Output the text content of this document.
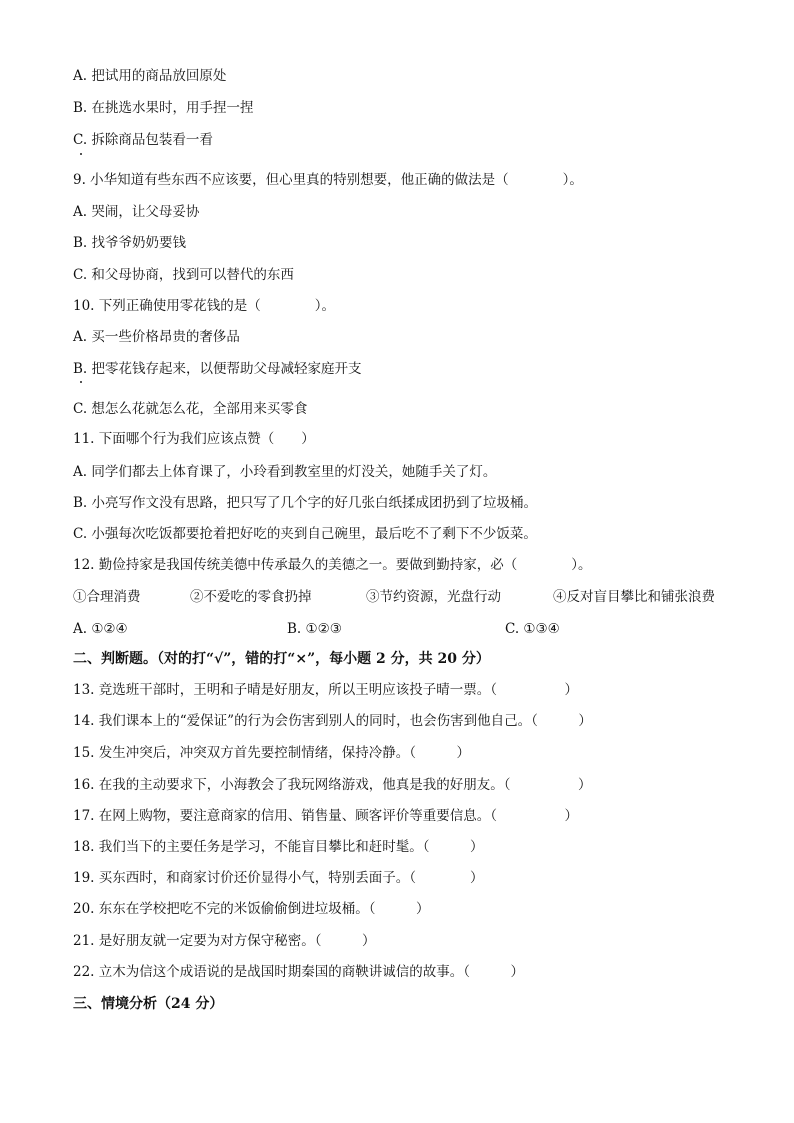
A. 把试用的商品放回原处
B. 在挑选水果时，用手捏一捏
C. 拆除商品包装看一看
9. 小华知道有些东西不应该要，但心里真的特别想要，他正确的做法是（　　　　）。
A. 哭闹，让父母妥协
B. 找爷爷奶奶要钱
C. 和父母协商，找到可以替代的东西
10. 下列正确使用零花钱的是（　　　　）。
A. 买一些价格昂贵的奢侈品
B. 把零花钱存起来，以便帮助父母减轻家庭开支
C. 想怎么花就怎么花，全部用来买零食
11. 下面哪个行为我们应该点赞（　　）
A. 同学们都去上体育课了，小玲看到教室里的灯没关，她随手关了灯。
B. 小亮写作文没有思路，把只写了几个字的好几张白纸揉成团扔到了垃圾桶。
C. 小强每次吃饭都要抢着把好吃的夹到自己碗里，最后吃不了剩下不少饭菜。
12. 勤俭持家是我国传统美德中传承最久的美德之一。要做到勤持家，必（　　　　）。
①合理消费	②不爱吃的零食扔掉	③节约资源，光盘行动	④反对盲目攀比和铺张浪费
A. ①②④	B. ①②③	C. ①③④
二、判断题。（对的打“√”，错的打“×”，每小题 2 分，共 20 分）
13. 竞选班干部时，王明和子晴是好朋友，所以王明应该投子晴一票。（　　　　　）
14. 我们课本上的“爱保证”的行为会伤害到别人的同时，也会伤害到他自己。（　　　）
15. 发生冲突后，冲突双方首先要控制情绪，保持冷静。（　　　）
16. 在我的主动要求下，小海教会了我玩网络游戏，他真是我的好朋友。（　　　　　）
17. 在网上购物，要注意商家的信用、销售量、顾客评价等重要信息。（　　　　　）
18. 我们当下的主要任务是学习，不能盲目攀比和赶时髦。（　　　）
19. 买东西时，和商家讨价还价显得小气，特别丢面子。（　　　　）
20. 东东在学校把吃不完的米饭偷偷倒进垃圾桶。（　　　）
21. 是好朋友就一定要为对方保守秘密。（　　　）
22. 立木为信这个成语说的是战国时期秦国的商鞅讲诚信的故事。（　　　）
三、情境分析（24 分）
